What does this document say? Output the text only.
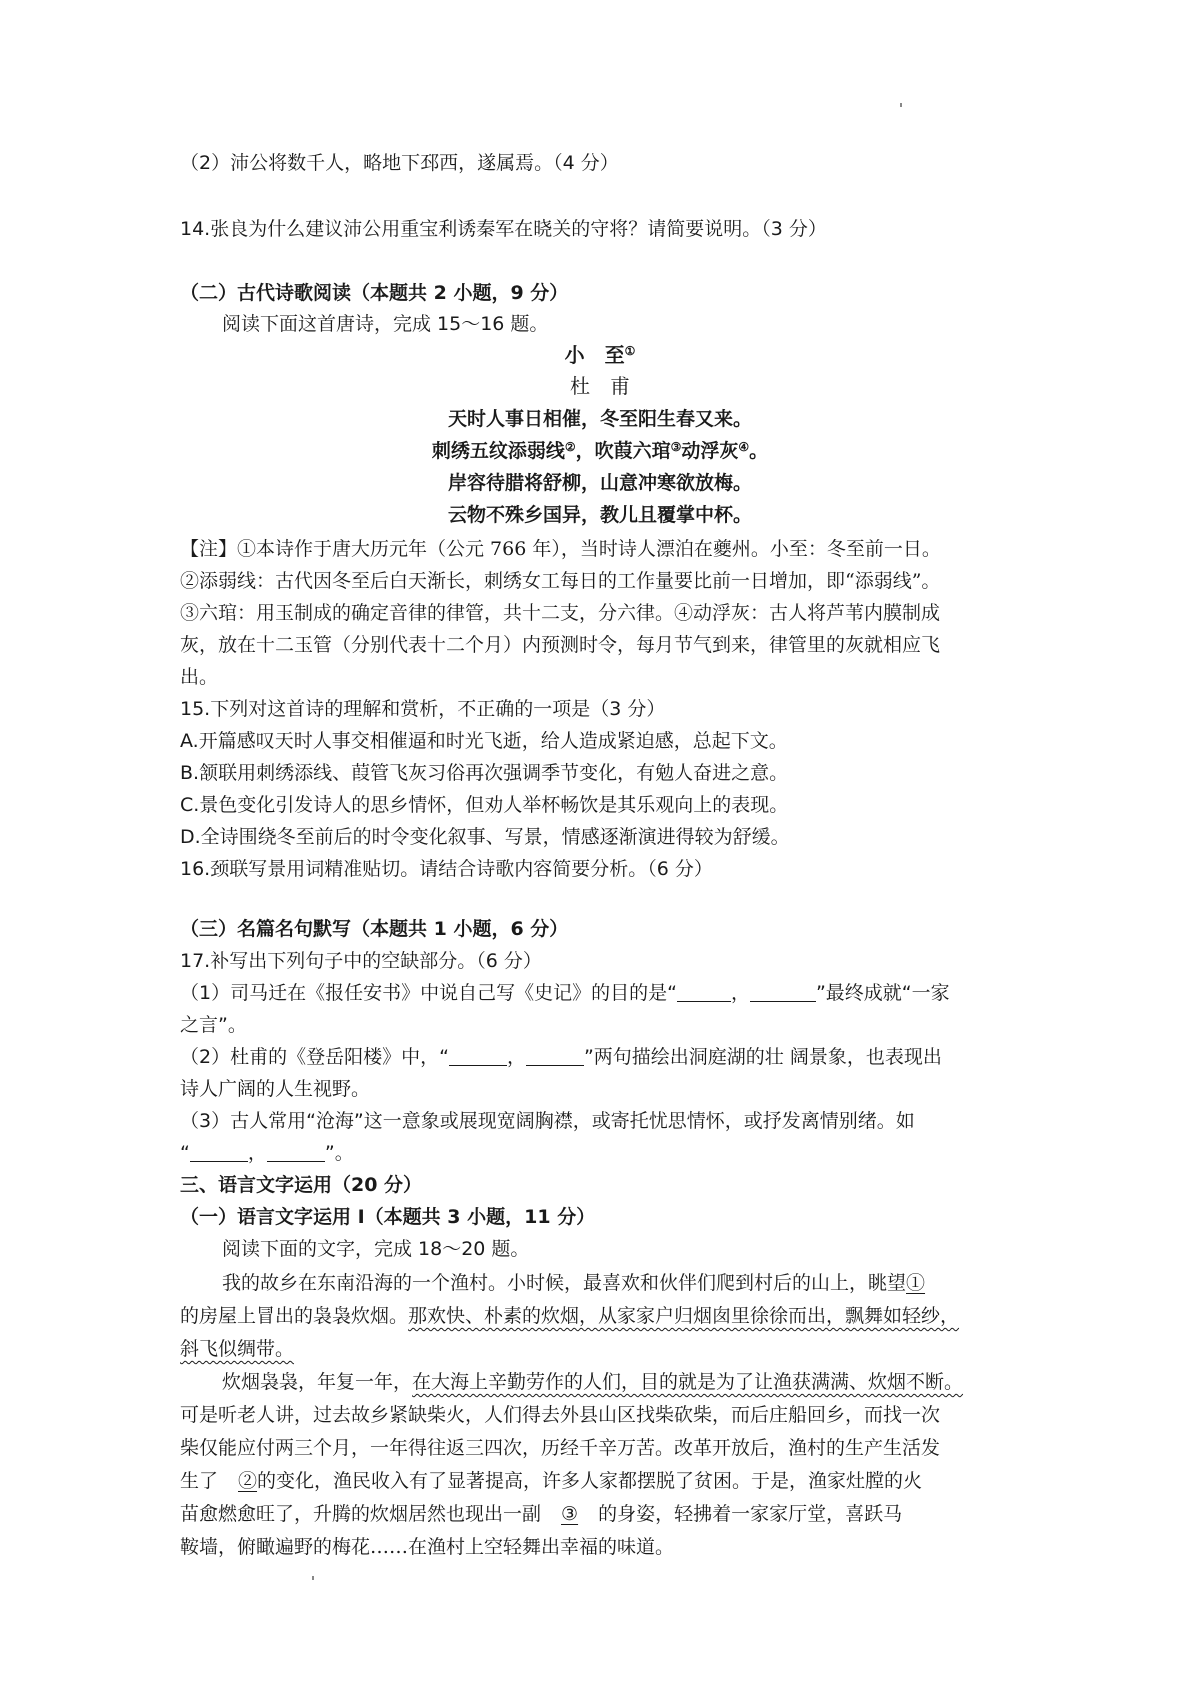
（2）沛公将数千人，略地下邳西，遂属焉。（4 分）
14.张良为什么建议沛公用重宝利诱秦军在晓关的守将？请简要说明。（3 分）
（二）古代诗歌阅读（本题共 2 小题，9 分）
阅读下面这首唐诗，完成 15～16 题。
小　至①
杜　甫
天时人事日相催，冬至阳生春又来。
刺绣五纹添弱线②，吹葭六琯③动浮灰④。
岸容待腊将舒柳，山意冲寒欲放梅。
云物不殊乡国异，教儿且覆掌中杯。
【注】①本诗作于唐大历元年（公元 766 年），当时诗人漂泊在夔州。小至：冬至前一日。
②添弱线：古代因冬至后白天渐长，刺绣女工每日的工作量要比前一日增加，即“添弱线”。
③六琯：用玉制成的确定音律的律管，共十二支，分六律。④动浮灰：古人将芦苇内膜制成
灰，放在十二玉管（分别代表十二个月）内预测时令，每月节气到来，律管里的灰就相应飞
出。
15.下列对这首诗的理解和赏析，不正确的一项是（3 分）
A.开篇感叹天时人事交相催逼和时光飞逝，给人造成紧迫感，总起下文。
B.颔联用刺绣添线、葭管飞灰习俗再次强调季节变化，有勉人奋进之意。
C.景色变化引发诗人的思乡情怀，但劝人举杯畅饮是其乐观向上的表现。
D.全诗围绕冬至前后的时令变化叙事、写景，情感逐渐演进得较为舒缓。
16.颈联写景用词精准贴切。请结合诗歌内容简要分析。（6 分）
（三）名篇名句默写（本题共 1 小题，6 分）
17.补写出下列句子中的空缺部分。（6 分）
（1）司马迁在《报任安书》中说自己写《史记》的目的是“	，	”最终成就“一家
之言”。
（2）杜甫的《登岳阳楼》中，“	，	”两句描绘出洞庭湖的壮 阔景象，也表现出
诗人广阔的人生视野。
（3）古人常用“沧海”这一意象或展现宽阔胸襟，或寄托忧思情怀，或抒发离情别绪。如
“	，	”。
三、语言文字运用（20 分）
（一）语言文字运用 I（本题共 3 小题，11 分）
阅读下面的文字，完成 18～20 题。
我的故乡在东南沿海的一个渔村。小时候，最喜欢和伙伴们爬到村后的山上，眺望①
的房屋上冒出的袅袅炊烟。那欢快、朴素的炊烟，从家家户归烟囱里徐徐而出，飘舞如轻纱，
斜飞似绸带。
炊烟袅袅，年复一年，在大海上辛勤劳作的人们，目的就是为了让渔获满满、炊烟不断。
可是听老人讲，过去故乡紧缺柴火，人们得去外县山区找柴砍柴，而后庄船回乡，而找一次
柴仅能应付两三个月，一年得往返三四次，历经千辛万苦。改革开放后，渔村的生产生活发
生了 ②的变化，渔民收入有了显著提高，许多人家都摆脱了贫困。于是，渔家灶膛的火
苗愈燃愈旺了，升腾的炊烟居然也现出一副 ③ 的身姿，轻拂着一家家厅堂，喜跃马
鞍墙，俯瞰遍野的梅花……在渔村上空轻舞出幸福的味道。
